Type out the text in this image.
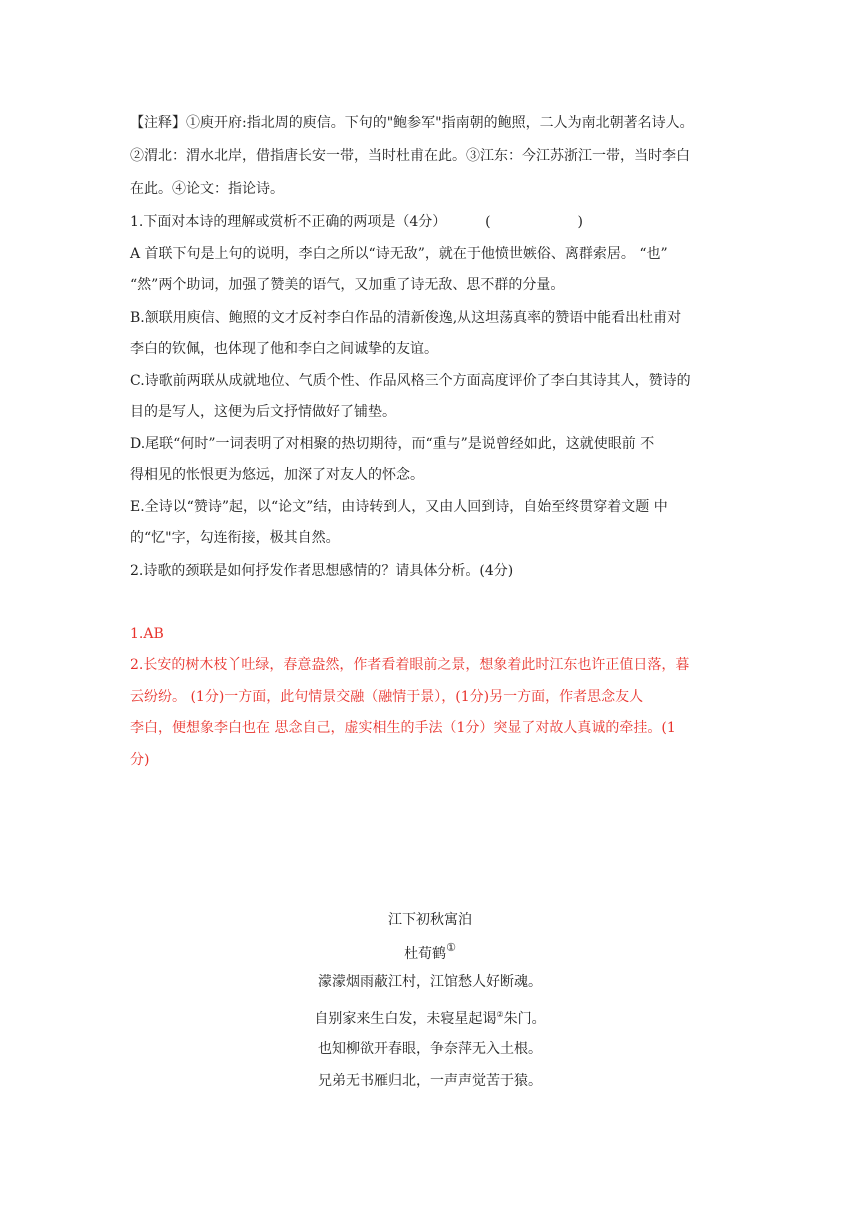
【注释】①庾开府:指北周的庾信。下句的"鲍参军"指南朝的鲍照，二人为南北朝著名诗人。
②渭北：渭水北岸，借指唐长安一带，当时杜甫在此。③江东：今江苏浙江一带，当时李白
在此。④论文：指论诗。
1.下面对本诗的理解或赏析不正确的两项是（4分）	(	)
A 首联下句是上句的说明，李白之所以“诗无敌”，就在于他愤世嫉俗、离群索居。 “也”
“然”两个助词，加强了赞美的语气，又加重了诗无敌、思不群的分量。
B.颔联用庾信、鲍照的文才反衬李白作品的清新俊逸,从这坦荡真率的赞语中能看出杜甫对
李白的钦佩，也体现了他和李白之间诚挚的友谊。
C.诗歌前两联从成就地位、气质个性、作品风格三个方面高度评价了李白其诗其人，赞诗的
目的是写人，这便为后文抒情做好了铺垫。
D.尾联“何时”一词表明了对相聚的热切期待，而“重与”是说曾经如此，这就使眼前 不
得相见的怅恨更为悠远，加深了对友人的怀念。
E.全诗以“赞诗”起，以“论文”结，由诗转到人，又由人回到诗，自始至终贯穿着文题 中
的“忆"字，勾连衔接，极其自然。
2.诗歌的颈联是如何抒发作者思想感情的？请具体分析。(4分)
1.AB
2.长安的树木枝丫吐绿，春意盎然，作者看着眼前之景，想象着此时江东也许正值日落，暮
云纷纷。 (1分)一方面，此句情景交融（融情于景），(1分)另一方面，作者思念友人
李白，便想象李白也在 思念自己，虚实相生的手法（1分）突显了对故人真诚的牵挂。(1
分)
江下初秋寓泊
杜荀鹤①
濛濛烟雨蔽江村，江馆愁人好断魂。
自别家来生白发，未寝星起谒②朱门。
也知柳欲开春眼，争奈萍无入土根。
兄弟无书雁归北，一声声觉苦于猿。
